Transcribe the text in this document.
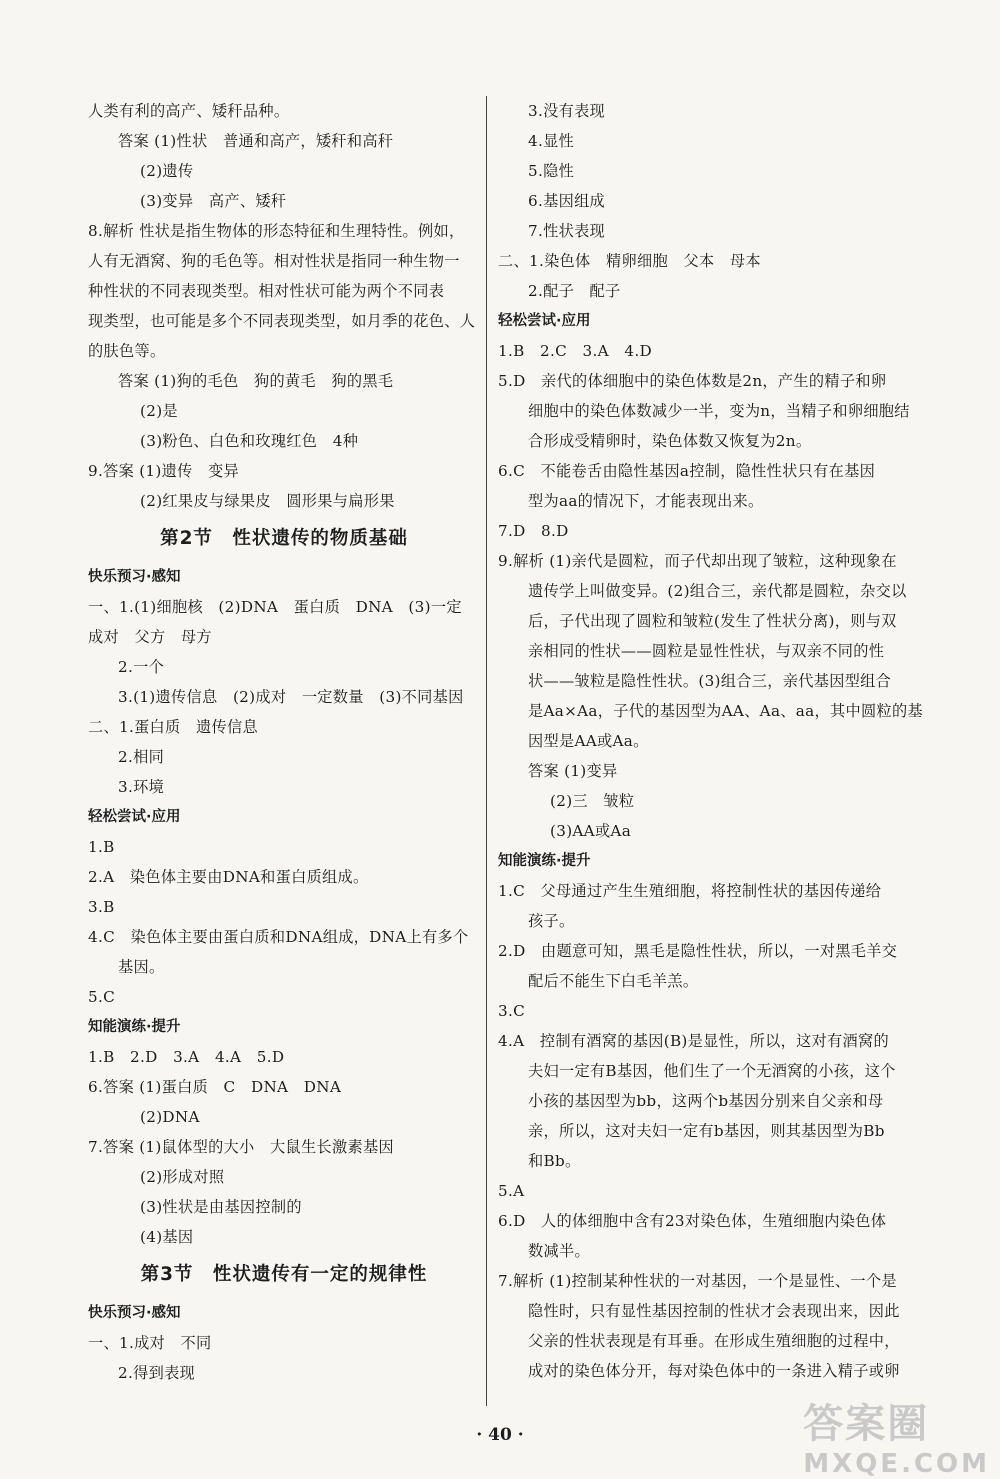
人类有利的高产、矮秆品种。
答案 (1)性状　普通和高产，矮秆和高秆
(2)遗传
(3)变异　高产、矮秆
8.解析 性状是指生物体的形态特征和生理特性。例如，
人有无酒窝、狗的毛色等。相对性状是指同一种生物一
种性状的不同表现类型。相对性状可能为两个不同表
现类型，也可能是多个不同表现类型，如月季的花色、人
的肤色等。
答案 (1)狗的毛色　狗的黄毛　狗的黑毛
(2)是
(3)粉色、白色和玫瑰红色　4种
9.答案 (1)遗传　变异
(2)红果皮与绿果皮　圆形果与扁形果
第2节　性状遗传的物质基础
快乐预习·感知
一、1.(1)细胞核　(2)DNA　蛋白质　DNA　(3)一定
成对　父方　母方
2.一个
3.(1)遗传信息　(2)成对　一定数量　(3)不同基因
二、1.蛋白质　遗传信息
2.相同
3.环境
轻松尝试·应用
1.B
2.A　染色体主要由DNA和蛋白质组成。
3.B
4.C　染色体主要由蛋白质和DNA组成，DNA上有多个
基因。
5.C
知能演练·提升
1.B　2.D　3.A　4.A　5.D
6.答案 (1)蛋白质　C　DNA　DNA
(2)DNA
7.答案 (1)鼠体型的大小　大鼠生长激素基因
(2)形成对照
(3)性状是由基因控制的
(4)基因
第3节　性状遗传有一定的规律性
快乐预习·感知
一、1.成对　不同
2.得到表现
3.没有表现
4.显性
5.隐性
6.基因组成
7.性状表现
二、1.染色体　精卵细胞　父本　母本
2.配子　配子
轻松尝试·应用
1.B　2.C　3.A　4.D
5.D　亲代的体细胞中的染色体数是2n，产生的精子和卵
细胞中的染色体数减少一半，变为n，当精子和卵细胞结
合形成受精卵时，染色体数又恢复为2n。
6.C　不能卷舌由隐性基因a控制，隐性性状只有在基因
型为aa的情况下，才能表现出来。
7.D　8.D
9.解析 (1)亲代是圆粒，而子代却出现了皱粒，这种现象在
遗传学上叫做变异。(2)组合三，亲代都是圆粒，杂交以
后，子代出现了圆粒和皱粒(发生了性状分离)，则与双
亲相同的性状——圆粒是显性性状，与双亲不同的性
状——皱粒是隐性性状。(3)组合三，亲代基因型组合
是Aa×Aa，子代的基因型为AA、Aa、aa，其中圆粒的基
因型是AA或Aa。
答案 (1)变异
(2)三　皱粒
(3)AA或Aa
知能演练·提升
1.C　父母通过产生生殖细胞，将控制性状的基因传递给
孩子。
2.D　由题意可知，黑毛是隐性性状，所以，一对黑毛羊交
配后不能生下白毛羊羔。
3.C
4.A　控制有酒窝的基因(B)是显性，所以，这对有酒窝的
夫妇一定有B基因，他们生了一个无酒窝的小孩，这个
小孩的基因型为bb，这两个b基因分别来自父亲和母
亲，所以，这对夫妇一定有b基因，则其基因型为Bb
和Bb。
5.A
6.D　人的体细胞中含有23对染色体，生殖细胞内染色体
数减半。
7.解析 (1)控制某种性状的一对基因，一个是显性、一个是
隐性时，只有显性基因控制的性状才会表现出来，因此
父亲的性状表现是有耳垂。在形成生殖细胞的过程中，
成对的染色体分开，每对染色体中的一条进入精子或卵
· 40 ·	答案圈
MXQE.COM
